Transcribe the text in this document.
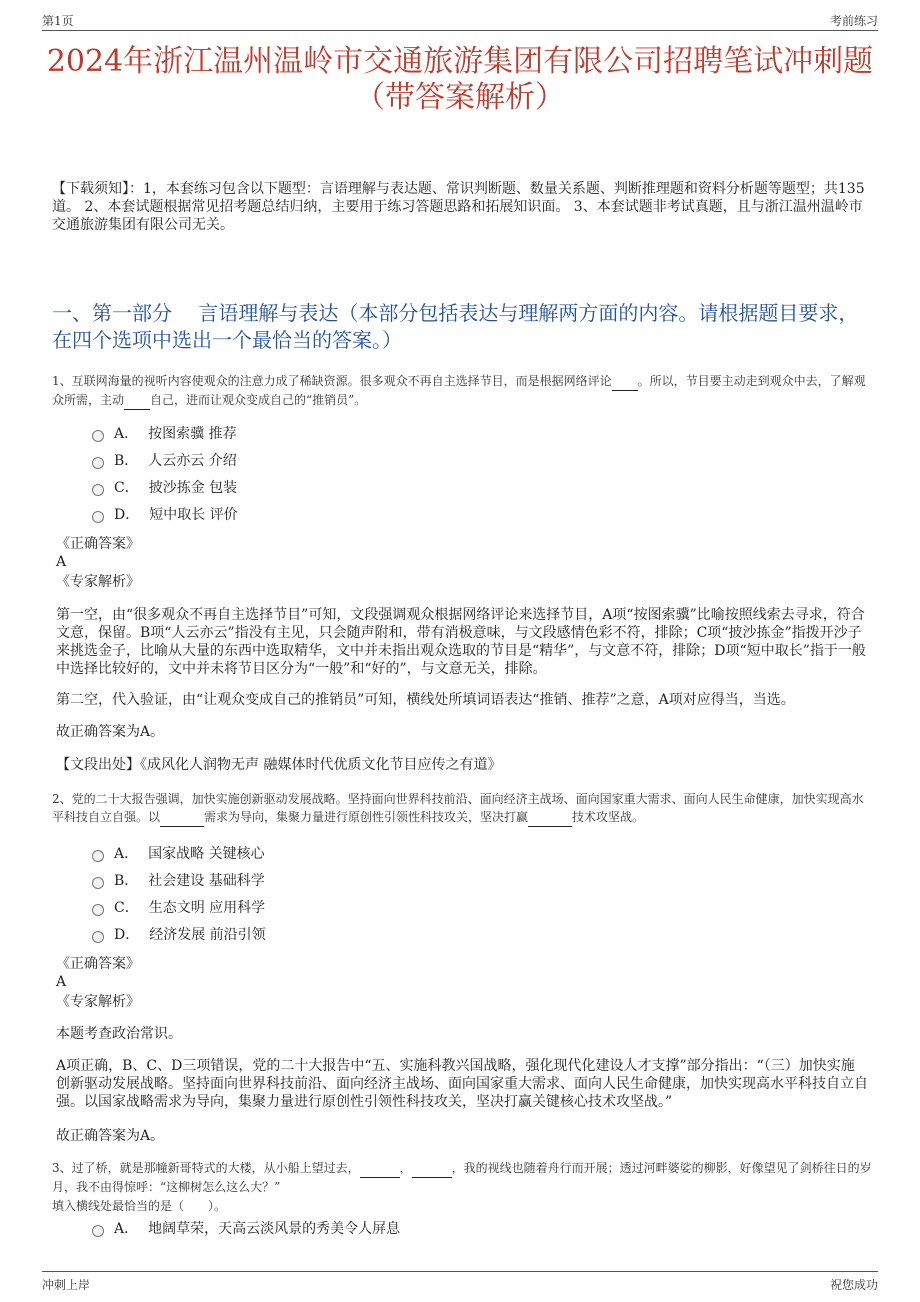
第1页	考前练习
2024年浙江温州温岭市交通旅游集团有限公司招聘笔试冲刺题
（带答案解析）
【下载须知】：1，本套练习包含以下题型：言语理解与表达题、常识判断题、数量关系题、判断推理题和资料分析题等题型；共135道。 2、本套试题根据常见招考题总结归纳，主要用于练习答题思路和拓展知识面。 3、本套试题非考试真题，且与浙江温州温岭市交通旅游集团有限公司无关。
一、第一部分　 言语理解与表达（本部分包括表达与理解两方面的内容。请根据题目要求，在四个选项中选出一个最恰当的答案。）
1、互联网海量的视听内容使观众的注意力成了稀缺资源。很多观众不再自主选择节目，而是根据网络评论 。所以，节目要主动走到观众中去，了解观众所需，主动 自己，进而让观众变成自己的“推销员”。
A． 按图索骥 推荐
B． 人云亦云 介绍
C． 披沙拣金 包装
D． 短中取长 评价
《正确答案》
A
《专家解析》
第一空，由“很多观众不再自主选择节目”可知，文段强调观众根据网络评论来选择节目，A项“按图索骥”比喻按照线索去寻求，符合文意，保留。B项“人云亦云”指没有主见，只会随声附和，带有消极意味，与文段感情色彩不符，排除；C项“披沙拣金”指拨开沙子来挑选金子，比喻从大量的东西中选取精华，文中并未指出观众选取的节目是“精华”，与文意不符，排除；D项“短中取长”指于一般中选择比较好的，文中并未将节目区分为“一般”和“好的”，与文意无关，排除。
第二空，代入验证，由“让观众变成自己的推销员”可知，横线处所填词语表达“推销、推荐”之意，A项对应得当，当选。
故正确答案为A。
【文段出处】《成风化人润物无声 融媒体时代优质文化节目应传之有道》
2、党的二十大报告强调，加快实施创新驱动发展战略。坚持面向世界科技前沿、面向经济主战场、面向国家重大需求、面向人民生命健康，加快实现高水平科技自立自强。以	需求为导向，集聚力量进行原创性引领性科技攻关，坚决打赢	技术攻坚战。
A． 国家战略 关键核心
B． 社会建设 基础科学
C． 生态文明 应用科学
D． 经济发展 前沿引领
《正确答案》
A
《专家解析》
本题考查政治常识。
A项正确，B、C、D三项错误，党的二十大报告中“五、实施科教兴国战略，强化现代化建设人才支撑”部分指出：“（三）加快实施创新驱动发展战略。坚持面向世界科技前沿、面向经济主战场、面向国家重大需求、面向人民生命健康，加快实现高水平科技自立自强。以国家战略需求为导向，集聚力量进行原创性引领性科技攻关，坚决打赢关键核心技术攻坚战。”
故正确答案为A。
3、过了桥，就是那幢新哥特式的大楼，从小船上望过去，	，	，我的视线也随着舟行而开展；透过河畔婆娑的柳影，好像望见了剑桥往日的岁月，我不由得惊呼：“这柳树怎么这么大？”
填入横线处最恰当的是（　　）。
A． 地阔草荣，天高云淡风景的秀美令人屏息
冲刺上岸	祝您成功
